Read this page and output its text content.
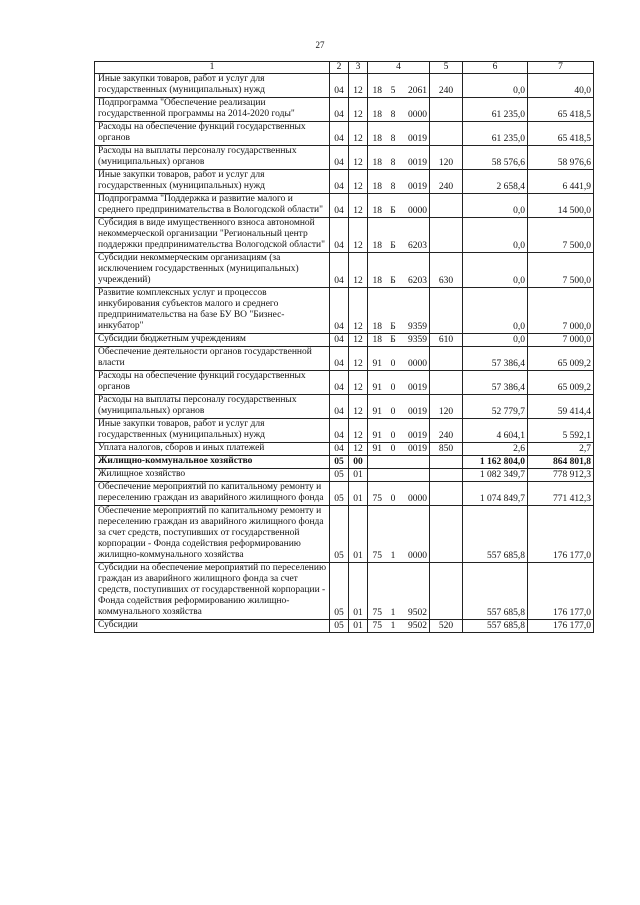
27
1	2	3	4			5	6	7
Иные закупки товаров, работ и услуг для государственных (муниципальных) нужд	04	12	18	5	2061	240	0,0	40,0
Подпрограмма "Обеспечение реализации государственной программы на 2014-2020 годы"	04	12	18	8	0000		61 235,0	65 418,5
Расходы на обеспечение функций государственных органов	04	12	18	8	0019		61 235,0	65 418,5
Расходы на выплаты персоналу государственных (муниципальных) органов	04	12	18	8	0019	120	58 576,6	58 976,6
Иные закупки товаров, работ и услуг для государственных (муниципальных) нужд	04	12	18	8	0019	240	2 658,4	6 441,9
Подпрограмма "Поддержка и развитие малого и среднего предпринимательства в Вологодской области"	04	12	18	Б	0000		0,0	14 500,0
Субсидия в виде имущественного взноса автономной некоммерческой организации "Региональный центр поддержки предпринимательства Вологодской области"	04	12	18	Б	6203		0,0	7 500,0
Субсидии некоммерческим организациям (за исключением государственных (муниципальных) учреждений)	04	12	18	Б	6203	630	0,0	7 500,0
Развитие комплексных услуг и процессов инкубирования субъектов малого и среднего предпринимательства на базе БУ ВО "Бизнес-инкубатор"	04	12	18	Б	9359		0,0	7 000,0
Субсидии бюджетным учреждениям	04	12	18	Б	9359	610	0,0	7 000,0
Обеспечение деятельности органов государственной власти	04	12	91	0	0000		57 386,4	65 009,2
Расходы на обеспечение функций государственных органов	04	12	91	0	0019		57 386,4	65 009,2
Расходы на выплаты персоналу государственных (муниципальных) органов	04	12	91	0	0019	120	52 779,7	59 414,4
Иные закупки товаров, работ и услуг для государственных (муниципальных) нужд	04	12	91	0	0019	240	4 604,1	5 592,1
Уплата налогов, сборов и иных платежей	04	12	91	0	0019	850	2,6	2,7
Жилищно-коммунальное хозяйство	05	00					1 162 804,0	864 801,8
Жилищное хозяйство	05	01					1 082 349,7	778 912,3
Обеспечение мероприятий по капитальному ремонту и переселению граждан из аварийного жилищного фонда	05	01	75	0	0000		1 074 849,7	771 412,3
Обеспечение мероприятий по капитальному ремонту и переселению граждан из аварийного жилищного фонда за счет средств, поступивших от государственной корпорации - Фонда содействия реформированию жилищно-коммунального хозяйства	05	01	75	1	0000		557 685,8	176 177,0
Субсидии на обеспечение мероприятий по переселению граждан из аварийного жилищного фонда за счет средств, поступивших от государственной корпорации - Фонда содействия реформированию жилищно-коммунального хозяйства	05	01	75	1	9502		557 685,8	176 177,0
Субсидии	05	01	75	1	9502	520	557 685,8	176 177,0
